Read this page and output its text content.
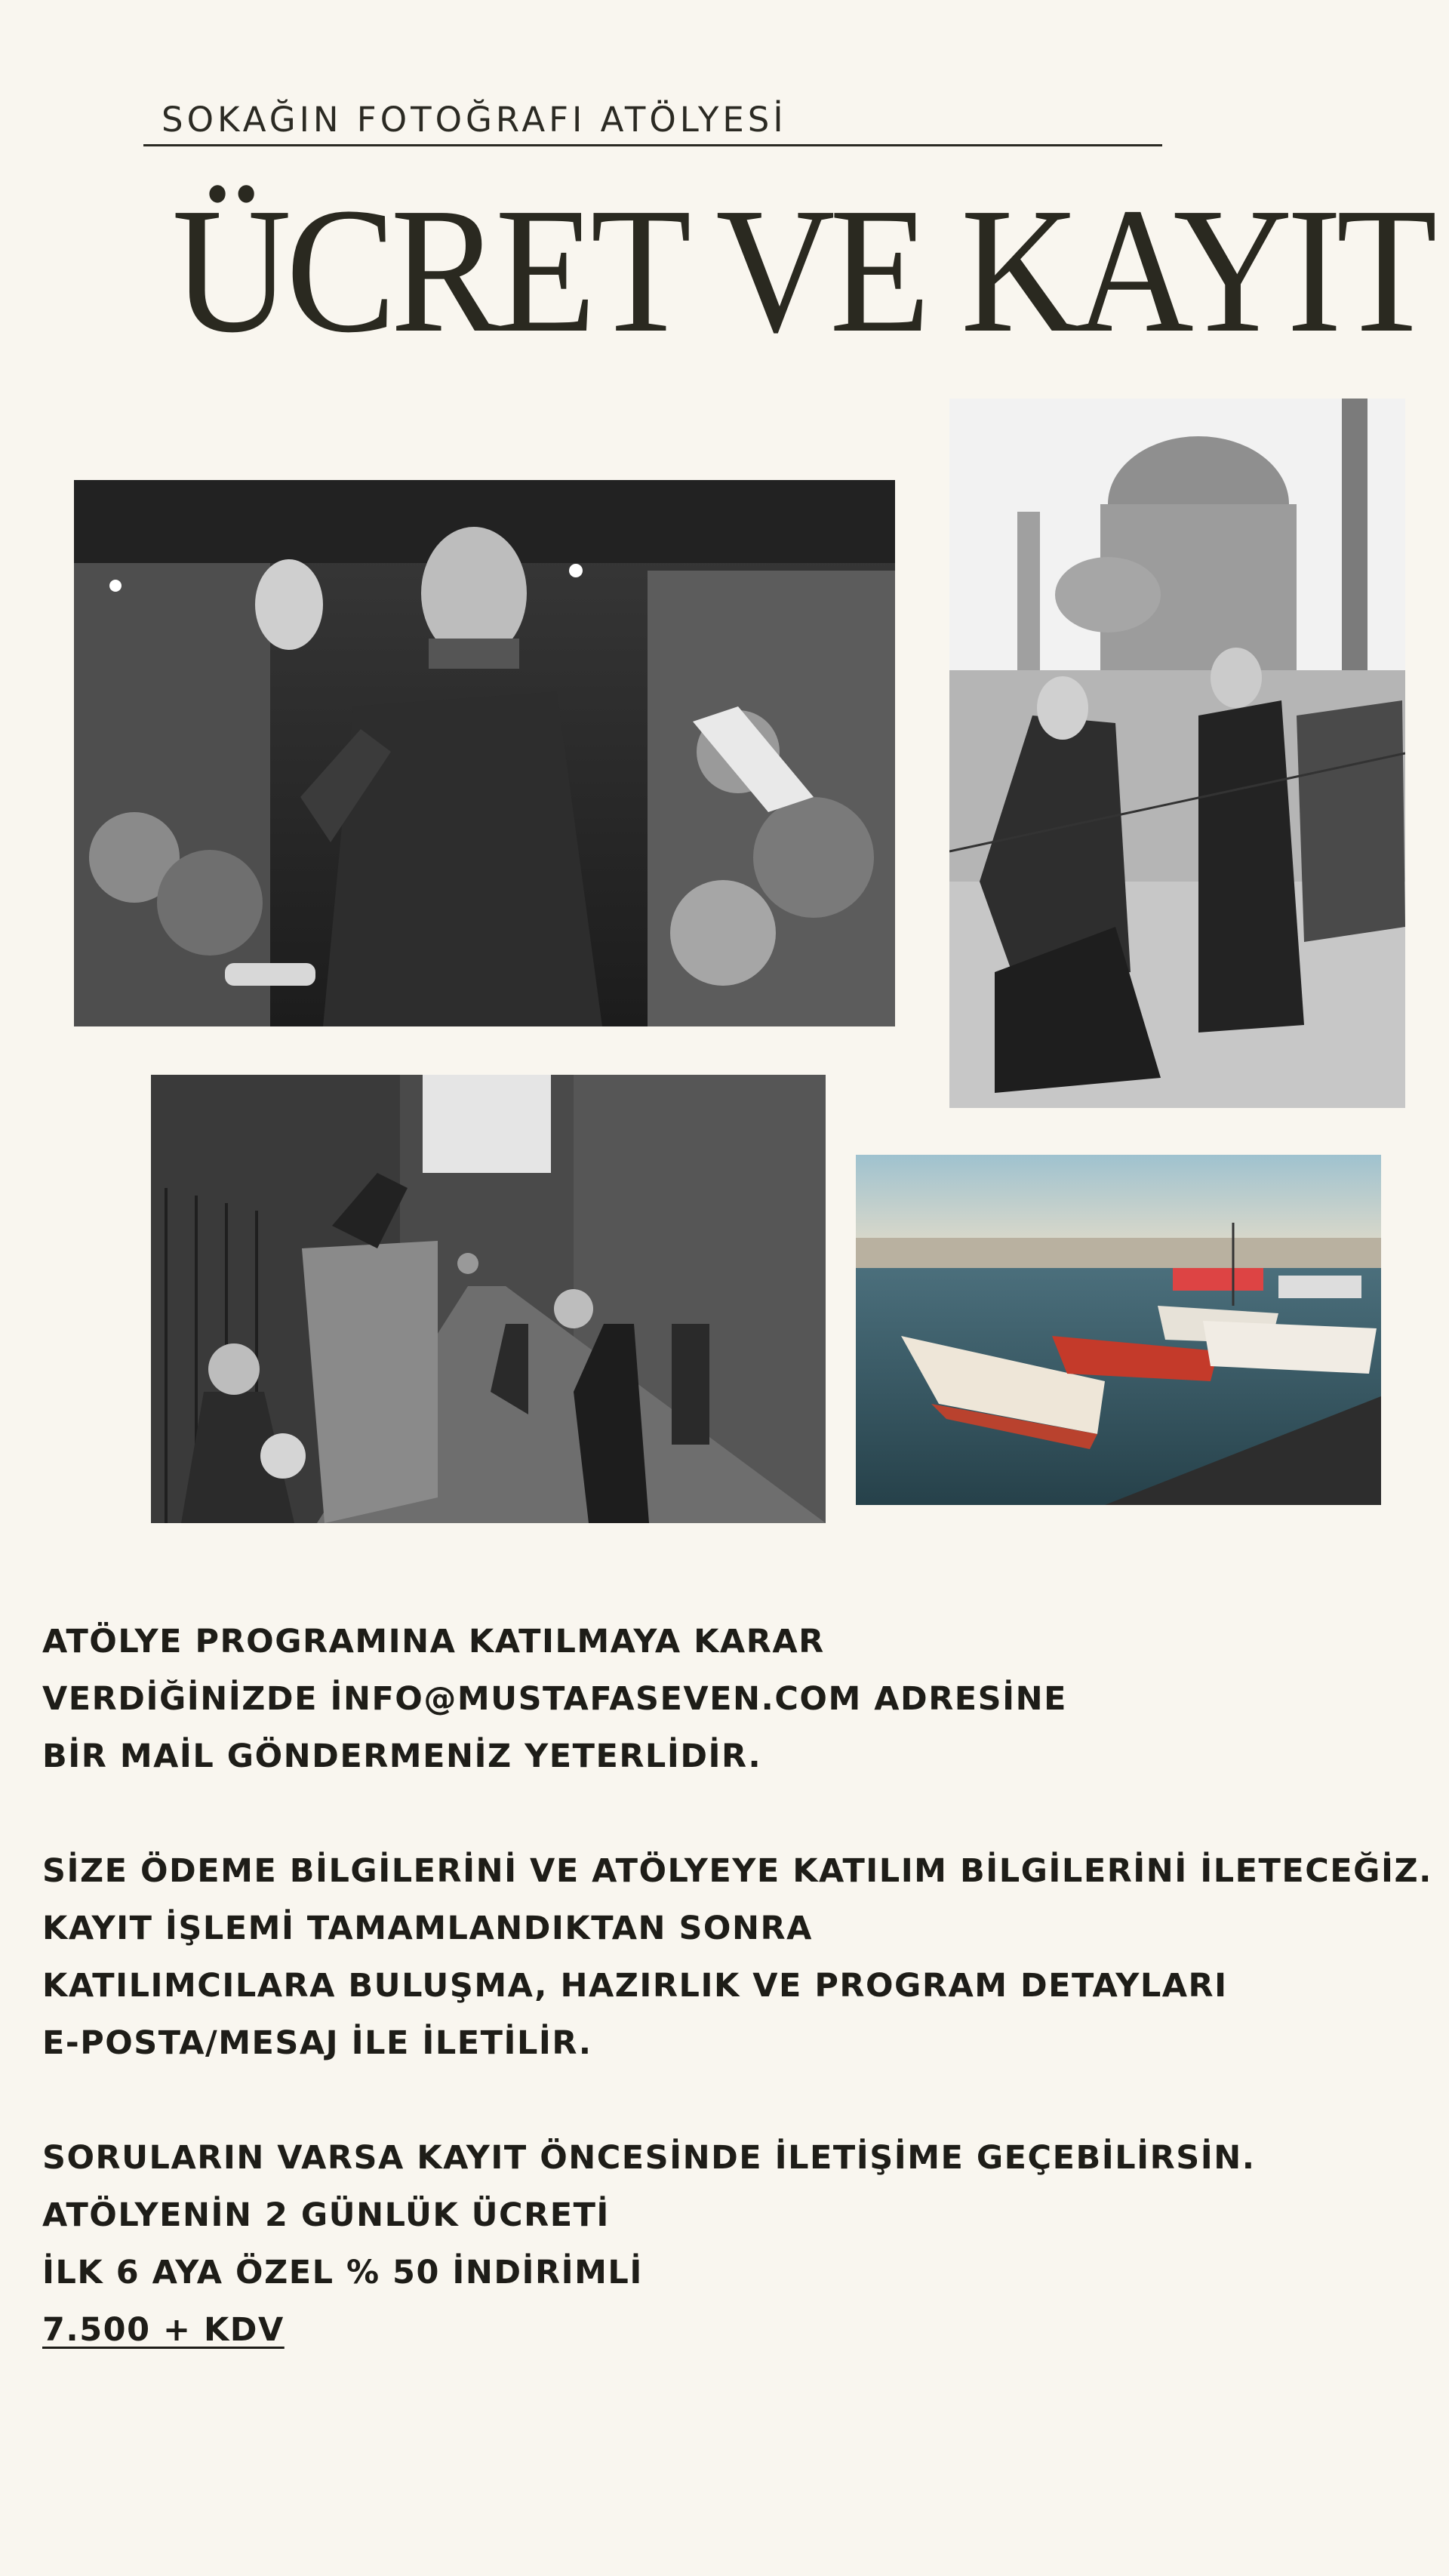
SOKAĞIN FOTOĞRAFI ATÖLYESİ
ÜCRET VE KAYIT

ATÖLYE PROGRAMINA KATILMAYA KARAR
VERDİĞİNİZDE İNFO@MUSTAFASEVEN.COM ADRESİNE
BİR MAİL GÖNDERMENİZ YETERLİDİR.

SİZE ÖDEME BİLGİLERİNİ VE ATÖLYEYE KATILIM BİLGİLERİNİ İLETECEĞİZ.
KAYIT İŞLEMİ TAMAMLANDIKTAN SONRA
KATILIMCILARA BULUŞMA, HAZIRLIK VE PROGRAM DETAYLARI
E-POSTA/MESAJ İLE İLETİLİR.

SORULARIN VARSA KAYIT ÖNCESİNDE İLETİŞİME GEÇEBİLİRSİN.
ATÖLYENİN 2 GÜNLÜK ÜCRETİ
İLK 6 AYA ÖZEL % 50 İNDİRİMLİ
7.500 + KDV
